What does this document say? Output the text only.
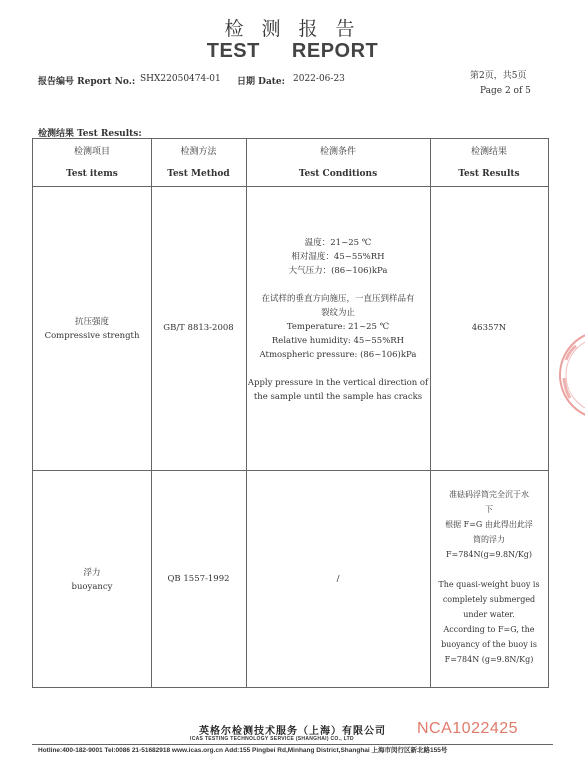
检 测 报 告
TEST REPORT
报告编号 Report No.: SHX22050474-01 日期 Date: 2022-06-23	第2页，共5页
Page 2 of 5
检测结果 Test Results:
检测项目
Test items
检测方法
Test Method
检测条件
Test Conditions
检测结果
Test Results
抗压强度
Compressive strength
GB/T 8813-2008
温度：21~25 ℃
相对湿度：45~55%RH
大气压力：(86~106)kPa
在试样的垂直方向施压，一直压到样品有
裂纹为止
Temperature: 21~25 ℃
Relative humidity: 45~55%RH
Atmospheric pressure: (86~106)kPa
Apply pressure in the vertical direction of
the sample until the sample has cracks
46357N
浮力
buoyancy
QB 1557-1992	/
准砝码浮筒完全沉于水
下
根据 F=G 由此得出此浮
筒的浮力
F=784N(g=9.8N/Kg)
The quasi-weight buoy is
completely submerged
under water.
According to F=G, the
buoyancy of the buoy is
F=784N (g=9.8N/Kg)
英格尔检测技术服务（上海）有限公司
ICAS TESTING TECHNOLOGY SERVICE (SHANGHAI) CO., LTD
NCA1022425
Hotline:400-182-9001 Tel:0086 21-51682918 www.icas.org.cn Add:155 Pingbei Rd,Minhang District,Shanghai 上海市闵行区新北路155号
